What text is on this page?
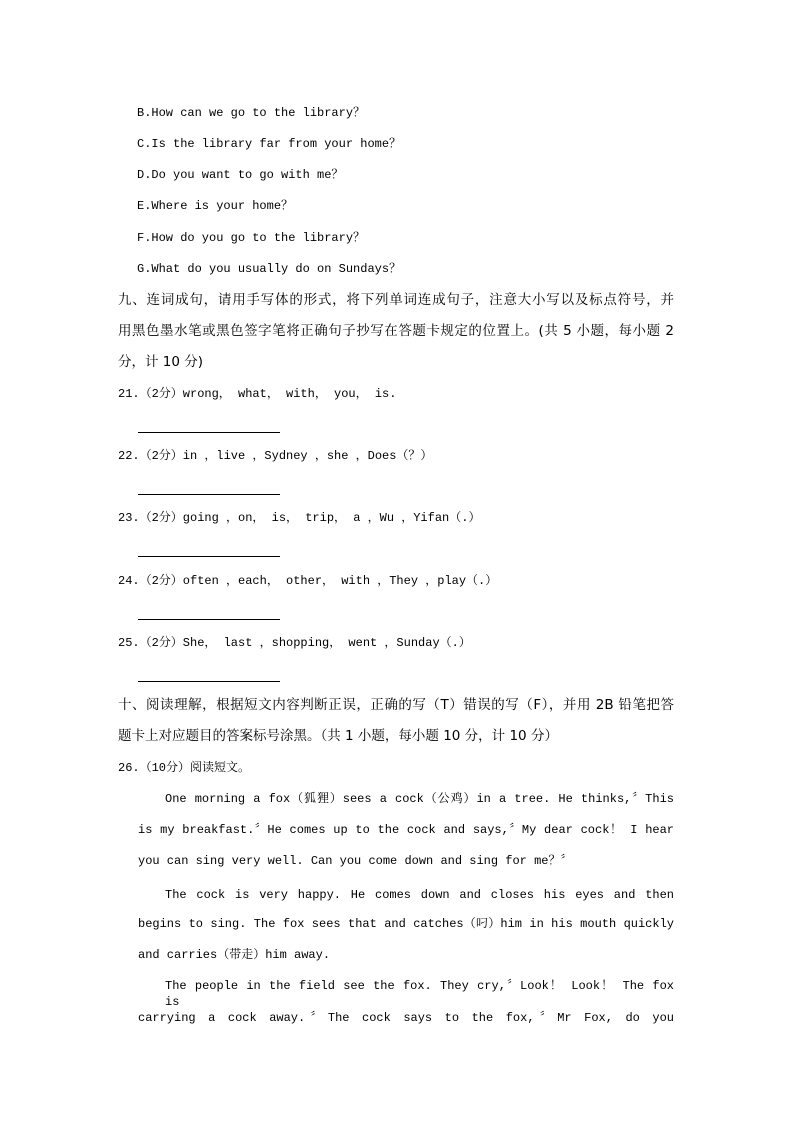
B.How can we go to the library？
C.Is the library far from your home？
D.Do you want to go with me？
E.Where is your home？
F.How do you go to the library？
G.What do you usually do on Sundays？
九、连词成句，请用手写体的形式，将下列单词连成句子，注意大小写以及标点符号，并
用黑色墨水笔或黑色签字笔将正确句子抄写在答题卡规定的位置上。(共 5 小题，每小题 2
分，计 10 分)
21.（2分）wrong， what， with， you， is.
22.（2分）in ，live ，Sydney ，she ，Does（？）
23.（2分）going ，on， is， trip， a ，Wu ，Yifan（.）
24.（2分）often ，each， other， with ，They ，play（.）
25.（2分）She， last ，shopping， went ，Sunday（.）
十、阅读理解，根据短文内容判断正误，正确的写（T）错误的写（F），并用 2B 铅笔把答
题卡上对应题目的答案标号涂黑。（共 1 小题，每小题 10 分，计 10 分）
26.（10分）阅读短文。
One morning a fox（狐狸）sees a cock（公鸡）in a tree. He thinks,〞This
is my breakfast.〞He comes up to the cock and says,〞My dear cock！ I hear
you can sing very well. Can you come down and sing for me？〞
The cock is very happy. He comes down and closes his eyes and then
begins to sing. The fox sees that and catches（叼）him in his mouth quickly
and carries（带走）him away.
The people in the field see the fox. They cry,〞Look！ Look！ The fox is
carrying a cock away.〞The cock says to the fox,〞Mr Fox, do you
